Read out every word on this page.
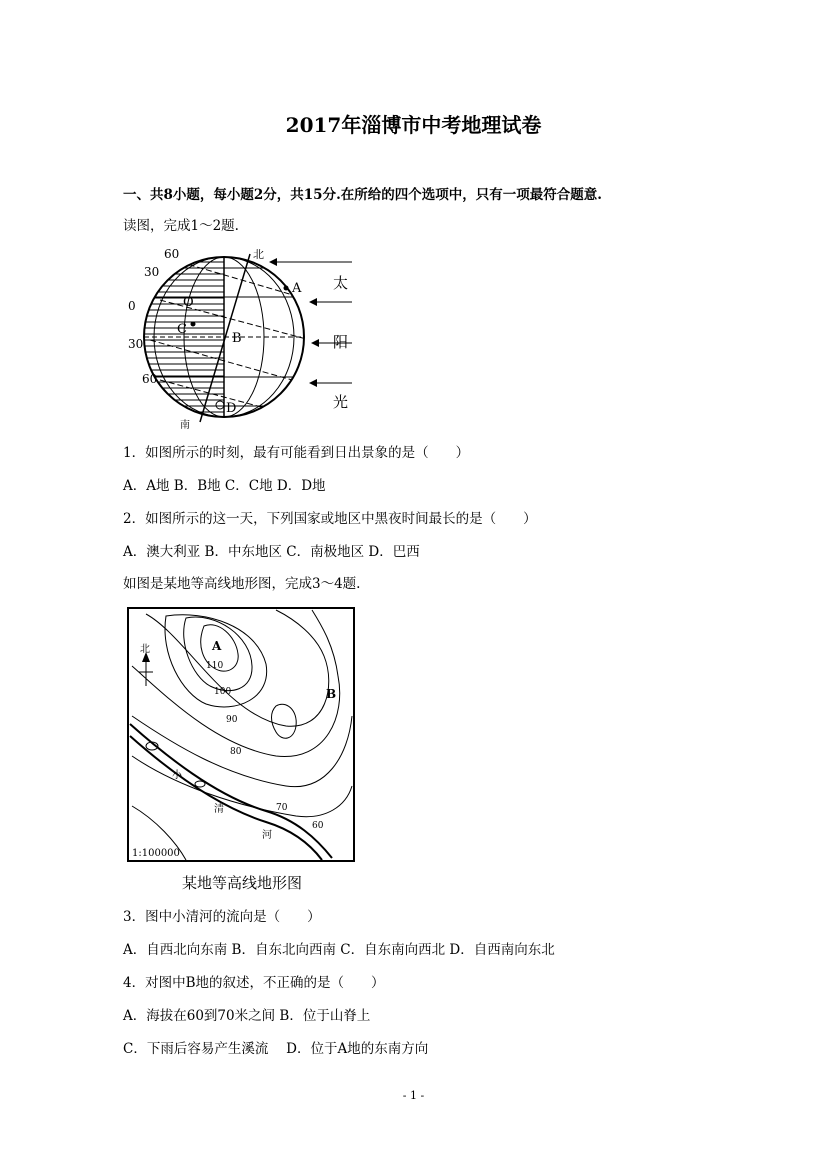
2017年淄博市中考地理试卷
一、共8小题，每小题2分，共15分.在所给的四个选项中，只有一项最符合题意.
读图，完成1～2题.
60
30
0
30
60
北
南
A
B
C
D
O
太
阳
光
1．如图所示的时刻，最有可能看到日出景象的是（　　）
A．A地 B．B地 C．C地 D．D地
2．如图所示的这一天，下列国家或地区中黑夜时间最长的是（　　）
A．澳大利亚 B．中东地区 C．南极地区 D．巴西
如图是某地等高线地形图，完成3～4题.
A
B
北
110
100
90
80
70
60
小
清
河
1:100000
某地等高线地形图
3．图中小清河的流向是（　　）
A．自西北向东南 B．自东北向西南 C．自东南向西北 D．自西南向东北
4．对图中B地的叙述，不正确的是（　　）
A．海拔在60到70米之间 B．位于山脊上
C．下雨后容易产生溪流　 D．位于A地的东南方向
- 1 -
